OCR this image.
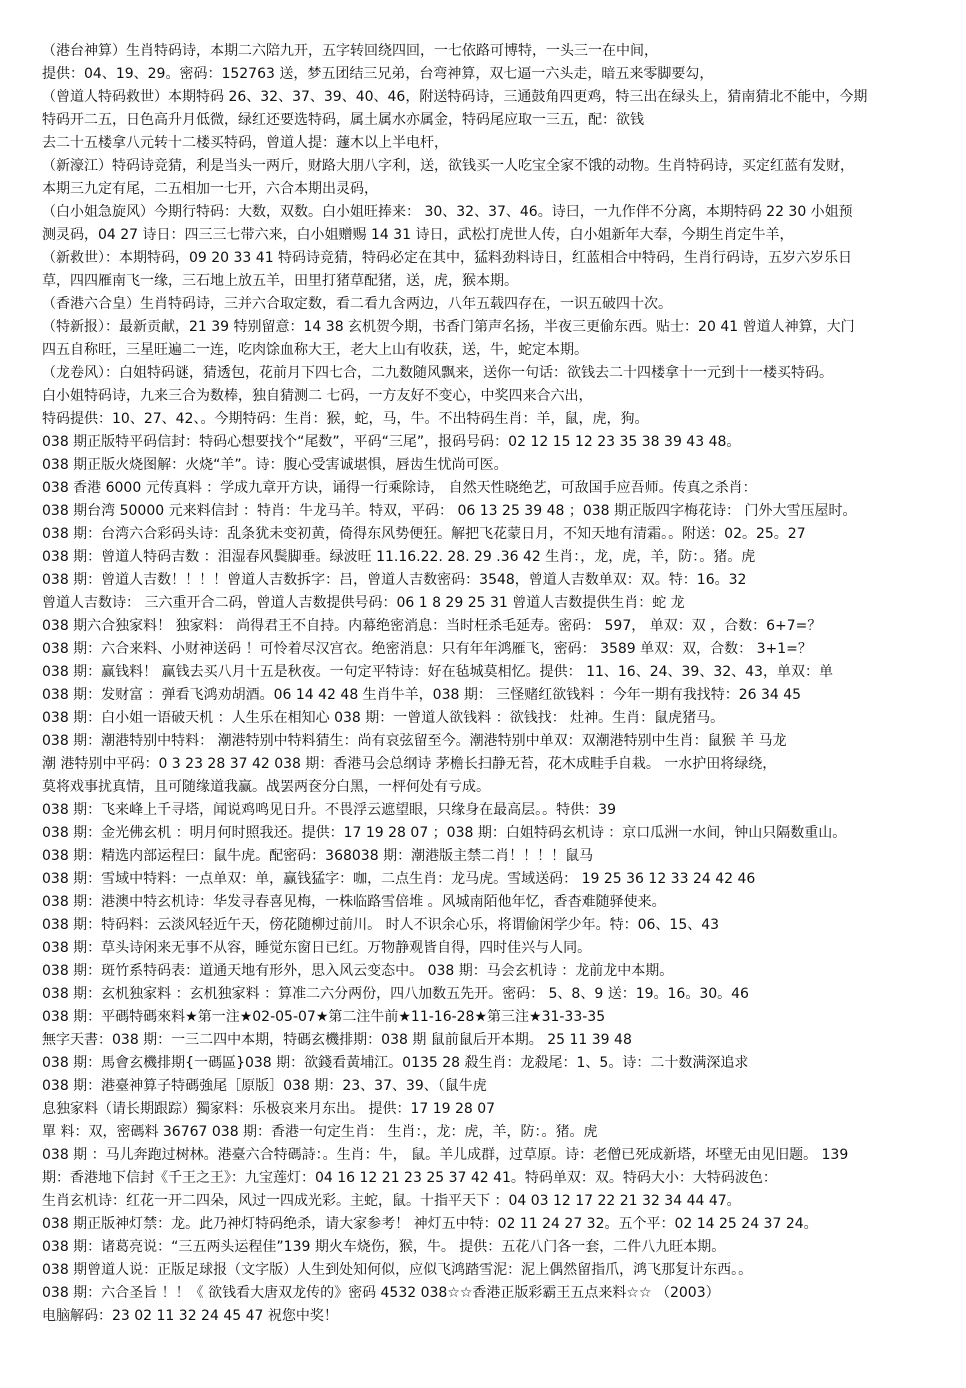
（港台神算）生肖特码诗，本期二六陪九开，五字转回绕四回，一七依路可博特，一头三一在中间，
提供：04、19、29。密码：152763 送，梦五团结三兄弟，台弯神算，双七逼一六头走，暗五来零脚要勾，
（曾道人特码救世）本期特码 26、32、37、39、40、46，附送特码诗，三通鼓角四更鸡，特三出在绿头上，猜南猜北不能中，今期
特码开二五，日色高升月低微，绿红还要选特码，属土属水亦属金，特码尾应取一三五，配：欲钱
去二十五楼拿八元转十二楼买特码，曾道人提：蘧木以上半电杆，
（新濠江）特码诗竞猜，利是当头一两斤，财路大朋八字利，送，欲钱买一人吃宝全家不饿的动物。生肖特码诗，买定红蓝有发财，
本期三九定有尾，二五相加一七开，六合本期出灵码，
（白小姐急旋风）今期行特码：大数，双数。白小姐旺捧来： 30、32、37、46。诗曰，一九作伴不分离，本期特码 22 30 小姐预
测灵码，04 27 诗日：四三三七带六来，白小姐赠赐 14 31 诗日，武松打虎世人传，白小姐新年大奉，今期生肖定牛羊，
（新救世）：本期特码，09 20 33 41 特码诗竞猜，特码必定在其中，猛料劲料诗日，红蓝相合中特码，生肖行码诗，五岁六岁乐日
草，四四雁南飞一缘，三石地上放五羊，田里打猪草配猪，送，虎，猴本期。
（香港六合皇）生肖特码诗，三并六合取定数，看二看九含两边，八年五载四存在，一识五破四十次。
（特新报）：最新贡献，21 39 特别留意：14 38 玄机贺今期，书香门第声名扬，半夜三更偷东西。贴士：20 41 曾道人神算，大门
四五自称旺，三星旺遍二一连，吃肉馀血称大王，老大上山有收获，送，牛，蛇定本期。
（龙卷风）：白姐特码谜，猜透包，花前月下四七合，二九数随风飘来，送你一句话：欲钱去二十四楼拿十一元到十一楼买特码。
白小姐特码诗，九来三合为数棒，独自猜测二 七码，一方友好不变心，中奖四来合六出，
特码提供：10、27、42、。今期特码：生肖：猴，蛇，马，牛。不出特码生肖：羊，鼠，虎，狗。
038 期正版特平码信封：特码心想要找个“尾数”，平码“三尾”，报码号码：02 12 15 12 23 35 38 39 43 48。
038 期正版火烧图解：火烧“羊”。诗：腹心受害诚堪惧，唇齿生忧尚可医。
038 香港 6000 元传真料 ：学成九章开方诀，诵得一行乘除诗， 自然天性晓绝艺，可敌国手应吾师。传真之杀肖：
038 期台湾 50000 元来料信封 ：特肖：牛龙马羊。特双，平码： 06 13 25 39 48 ；038 期正版四字梅花诗： 门外大雪压屋时。
038 期：台湾六合彩码头诗：乱条犹未变初黄，倚得东风势便狂。解把飞花蒙日月，不知天地有清霜。。附送：02。25。27
038 期：曾道人特码吉数 ：泪湿春风鬓脚垂。绿波旺 11.16.22. 28. 29 .36 42 生肖：，龙，虎，羊，防：。猪。虎
038 期：曾道人吉数！！！！曾道人吉数拆字：吕，曾道人吉数密码：3548，曾道人吉数单双：双。特：16。32
曾道人吉数诗： 三六重开合二码，曾道人吉数提供号码：06 1 8 29 25 31 曾道人吉数提供生肖：蛇 龙
038 期六合独家料！ 独家料： 尚得君王不自持。内幕绝密消息：当时枉杀毛延寿。密码： 597， 单双：双 ，合数：6+7=？
038 期：六合来料、小财神送码 ！可怜着尽汉宫衣。绝密消息：只有年年鸿雁飞，密码： 3589 单双：双，合数： 3+1=？
038 期：赢钱料！ 赢钱去买八月十五是秋夜。一句定平特诗：好在毡城莫相忆。提供： 11、16、24、39、32、43，单双：单
038 期：发财富 ：弹看飞鸿劝胡酒。06 14 42 48 生肖牛羊，038 期： 三怪赌红欲钱料 ：今年一期有我找特：26 34 45
038 期：白小姐一语破天机 ：人生乐在相知心 038 期：一曾道人欲钱料 ：欲钱找： 灶神。生肖：鼠虎猪马。
038 期：潮港特别中特料： 潮港特别中特料猜生：尚有哀弦留至今。潮港特别中单双：双潮港特别中生肖：鼠猴 羊 马龙
潮 港特别中平码：0 3 23 28 37 42 038 期：香港马会总纲诗 茅檐长扫静无苔，花木成畦手自栽。 一水护田将绿绕，
莫将戏事扰真情，且可随缘道我赢。战罢两奁分白黑，一枰何处有亏成。
038 期：飞来峰上千寻塔，闻说鸡鸣见日升。不畏浮云遮望眼，只缘身在最高层。。特供：39
038 期：金光佛玄机 ：明月何时照我还。提供：17 19 28 07 ；038 期：白姐特码玄机诗 ：京口瓜洲一水间，钟山只隔数重山。
038 期：精选内部运程曰：鼠牛虎。配密码：368038 期：潮港版主禁二肖！！！！鼠马
038 期：雪域中特料：一点单双：单，赢钱猛字：咖，二点生肖：龙马虎。雪域送码： 19 25 36 12 33 24 42 46
038 期：港澳中特玄机诗：华发寻春喜见梅，一株临路雪倍堆 。风城南陌他年忆，香杳难随驿使来。
038 期：特码料：云淡风轻近午天，傍花随柳过前川。 时人不识余心乐，将谓偷闲学少年。特：06、15、43
038 期：草头诗闲来无事不从容，睡觉东窗日已红。万物静观皆自得，四时佳兴与人同。
038 期：斑竹系特码表：道通天地有形外，思入风云变态中。 038 期：马会玄机诗 ：龙前龙中本期。
038 期：玄机独家料 ：玄机独家料 ：算准二六分两份，四八加数五先开。密码： 5、8、9 送：19。16。30。46
038 期：平碼特碼來料★第一注★02-05-07★第二注牛前★11-16-28★第三注★31-33-35
無字天書：038 期：一三二四中本期，特碼玄機排期：038 期 鼠前鼠后开本期。 25 11 39 48
038 期：馬會玄機排期{一碼區}038 期：欲錢看黃埔江。0135 28 殺生肖：龙殺尾：1、5。诗：二十数满深追求
038 期：港臺神算子特碼強尾［原版］038 期：23、37、39、（鼠牛虎
息独家料（请长期跟踪）獨家料：乐极哀来月东出。 提供：17 19 28 07
單 料：双，密碼料 36767 038 期：香港一句定生肖： 生肖：，龙：虎，羊，防：。猪。虎
038 期 ：马儿奔跑过树林。港臺六合特碼詩：。生肖：牛， 鼠。羊儿成群，过草原。诗：老僧已死成新塔，坏壁无由见旧题。 139
期：香港地下信封《千王之王》：九宝莲灯：04 16 12 21 23 25 37 42 41。特码单双：双。特码大小：大特码波色：
生肖玄机诗：红花一开二四朵，风过一四成光彩。主蛇，鼠。十指平天下 ：04 03 12 17 22 21 32 34 44 47。
038 期正版神灯禁：龙。此乃神灯特码绝杀，请大家参考！ 神灯五中特：02 11 24 27 32。五个平：02 14 25 24 37 24。
038 期：诸葛亮说：“三五两头运程佳”139 期火车烧伤，猴，牛。 提供：五花八门各一套，二件八九旺本期。
038 期曾道人说：正版足球报（文字版）人生到处知何似，应似飞鸿踏雪泥：泥上偶然留指爪，鸿飞那复计东西。。
038 期：六合圣旨 ！！《 欲钱看大唐双龙传的》密码 4532 038☆☆香港正版彩霸王五点来料☆☆ （2003）
电脑解码：23 02 11 32 24 45 47 祝您中奖！
